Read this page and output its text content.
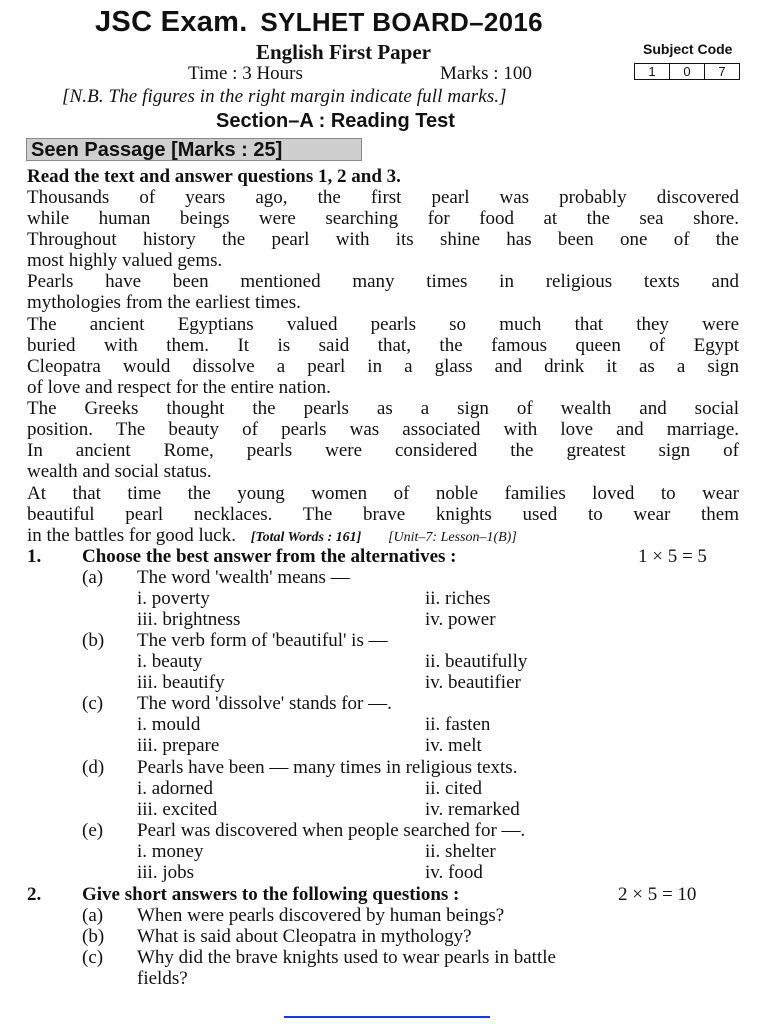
JSC Exam. SYLHET BOARD–2016
English First Paper	Subject Code
1	0	7
Time : 3 Hours	Marks : 100
[N.B. The figures in the right margin indicate full marks.]
Section–A : Reading Test
Seen Passage [Marks : 25]
Read the text and answer questions 1, 2 and 3.
Thousands of years ago, the first pearl was probably discovered
while human beings were searching for food at the sea shore.
Throughout history the pearl with its shine has been one of the
most highly valued gems.
Pearls have been mentioned many times in religious texts and
mythologies from the earliest times.
The ancient Egyptians valued pearls so much that they were
buried with them. It is said that, the famous queen of Egypt
Cleopatra would dissolve a pearl in a glass and drink it as a sign
of love and respect for the entire nation.
The Greeks thought the pearls as a sign of wealth and social
position. The beauty of pearls was associated with love and marriage.
In ancient Rome, pearls were considered the greatest sign of
wealth and social status.
At that time the young women of noble families loved to wear
beautiful pearl necklaces. The brave knights used to wear them
in the battles for good luck. [Total Words : 161] [Unit–7: Lesson–1(B)]
1. Choose the best answer from the alternatives :	1 × 5 = 5
(a) The word 'wealth' means —
i. poverty	ii. riches
iii. brightness	iv. power
(b) The verb form of 'beautiful' is —
i. beauty	ii. beautifully
iii. beautify	iv. beautifier
(c) The word 'dissolve' stands for —.
i. mould	ii. fasten
iii. prepare	iv. melt
(d) Pearls have been — many times in religious texts.
i. adorned	ii. cited
iii. excited	iv. remarked
(e) Pearl was discovered when people searched for —.
i. money	ii. shelter
iii. jobs	iv. food
2. Give short answers to the following questions :	2 × 5 = 10
(a) When were pearls discovered by human beings?
(b) What is said about Cleopatra in mythology?
(c) Why did the brave knights used to wear pearls in battle
fields?
